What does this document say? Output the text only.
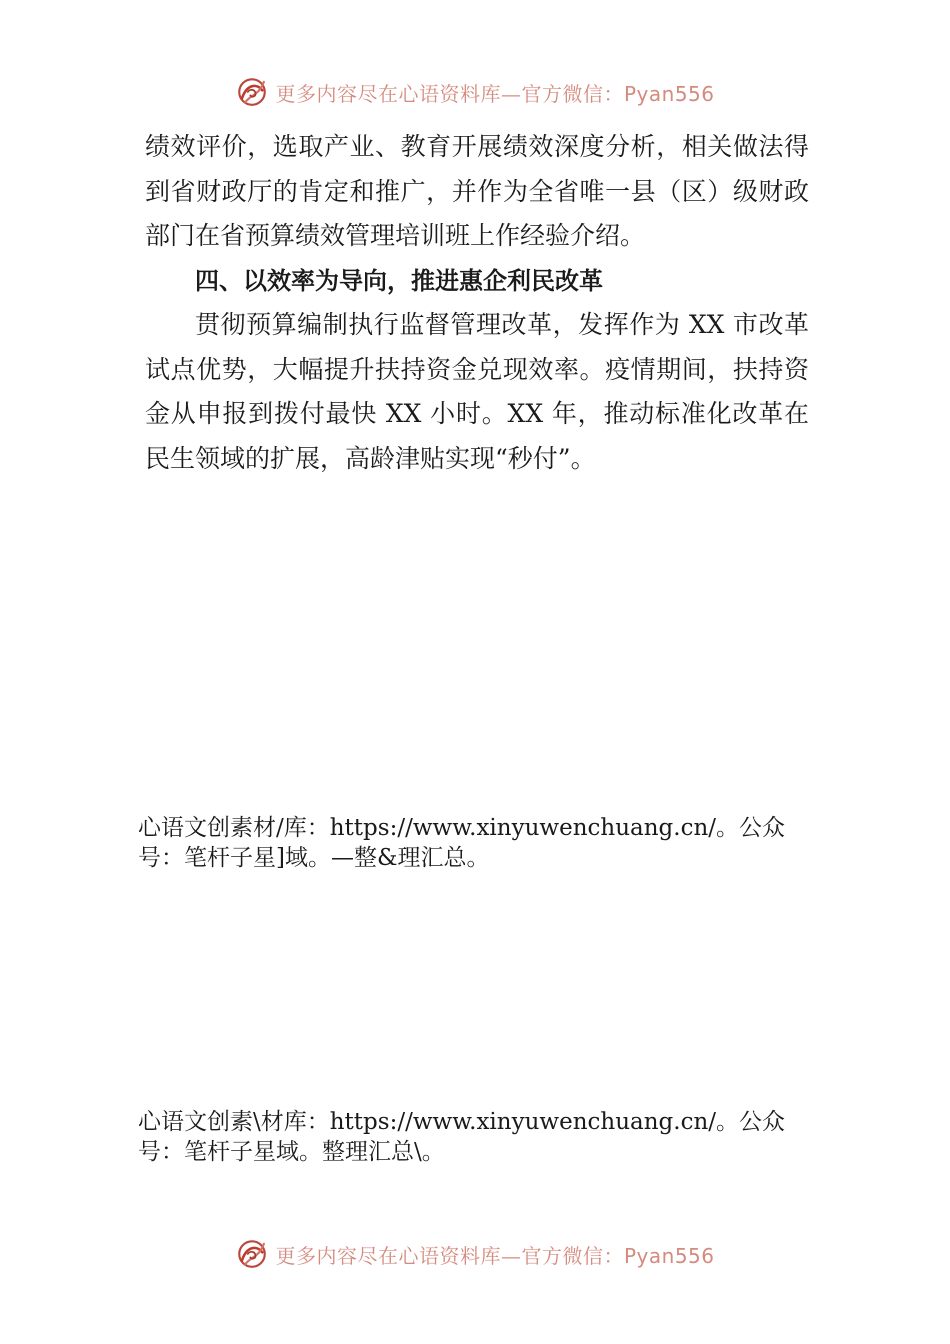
更多内容尽在心语资料库—官方微信：Pyan556

绩效评价，选取产业、教育开展绩效深度分析，相关做法得到省财政厅的肯定和推广，并作为全省唯一县（区）级财政部门在省预算绩效管理培训班上作经验介绍。

四、以效率为导向，推进惠企利民改革

贯彻预算编制执行监督管理改革，发挥作为 XX 市改革试点优势，大幅提升扶持资金兑现效率。疫情期间，扶持资金从申报到拨付最快 XX 小时。XX 年，推动标准化改革在民生领域的扩展，高龄津贴实现“秒付”。

心语文创素材/库：https://www.xinyuwenchuang.cn/。公众号：笔杆子星]域。—整&理汇总。

心语文创素\材库：https://www.xinyuwenchuang.cn/。公众号：笔杆子星域。整理汇总\。

更多内容尽在心语资料库—官方微信：Pyan556
